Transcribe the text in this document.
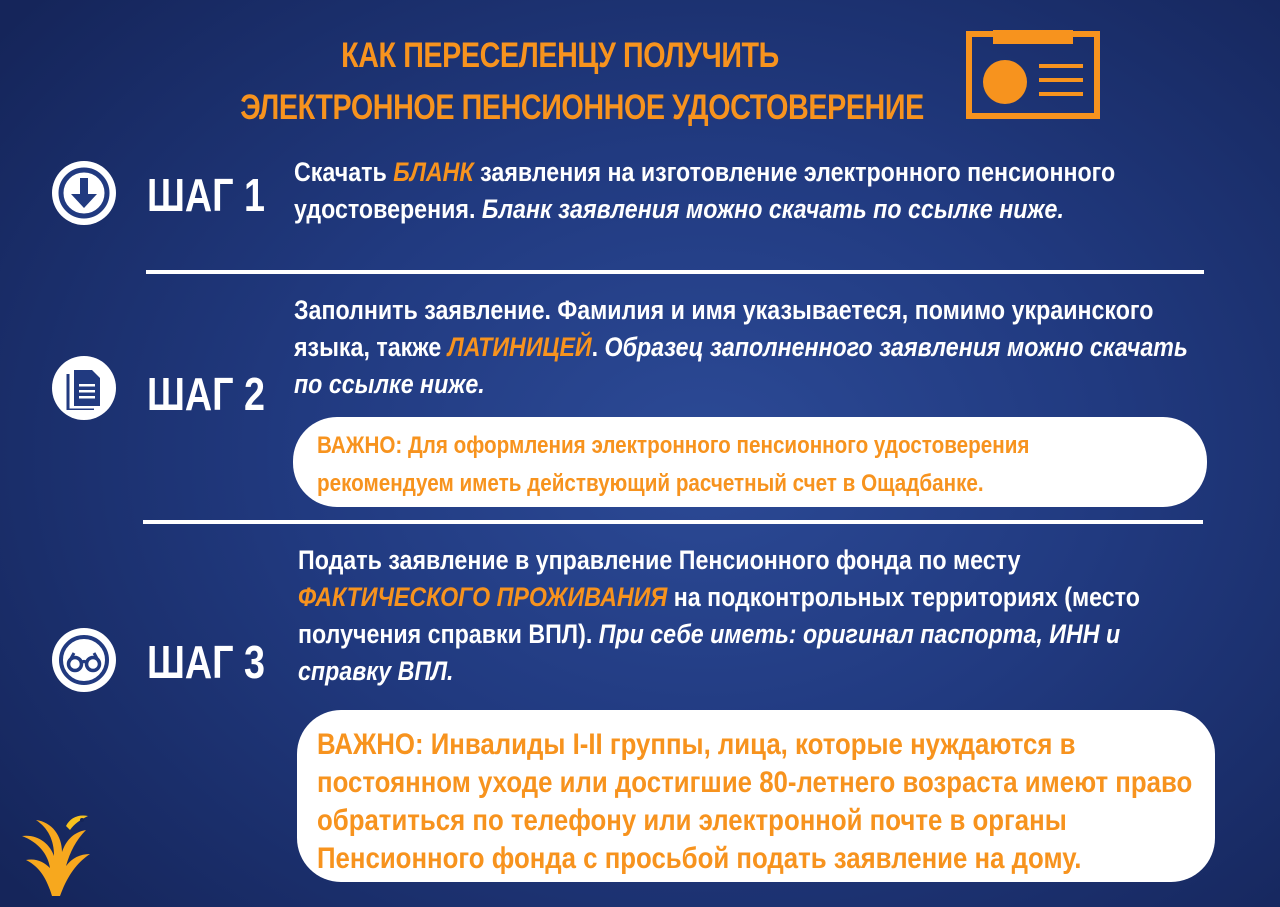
КАК ПЕРЕСЕЛЕНЦУ ПОЛУЧИТЬ
ЭЛЕКТРОННОЕ ПЕНСИОННОЕ УДОСТОВЕРЕНИЕ
ШАГ 1 Скачать БЛАНК заявления на изготовление электронного пенсионного удостоверения. Бланк заявления можно скачать по ссылке ниже.
ШАГ 2
Заполнить заявление. Фамилия и имя указываетеся, помимо украинского языка, также ЛАТИНИЦЕЙ. Образец заполненного заявления можно скачать по ссылке ниже.
ВАЖНО: Для оформления электронного пенсионного удостоверения рекомендуем иметь действующий расчетный счет в Ощадбанке.
ШАГ 3
Подать заявление в управление Пенсионного фонда по месту ФАКТИЧЕСКОГО ПРОЖИВАНИЯ на подконтрольных территориях (место получения справки ВПЛ). При себе иметь: оригинал паспорта, ИНН и справку ВПЛ.
ВАЖНО: Инвалиды I-II группы, лица, которые нуждаются в постоянном уходе или достигшие 80-летнего возраста имеют право обратиться по телефону или электронной почте в органы Пенсионного фонда с просьбой подать заявление на дому.
